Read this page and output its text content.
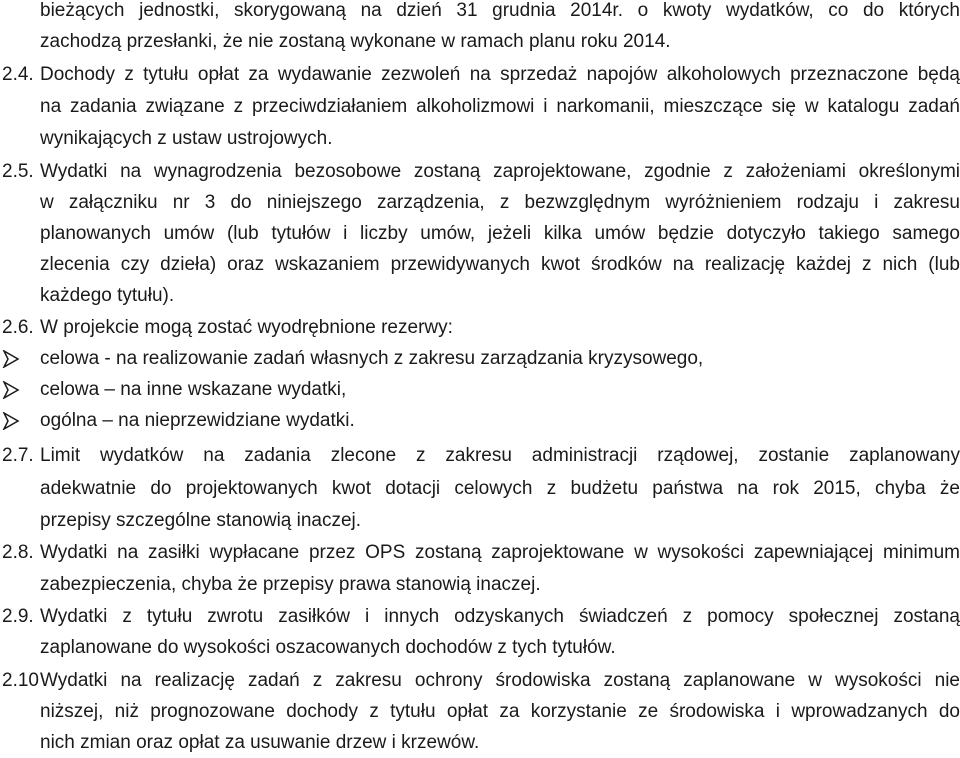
bieżących jednostki, skorygowaną na dzień 31 grudnia 2014r. o kwoty wydatków, co do których
zachodzą przesłanki, że nie zostaną wykonane w ramach planu roku 2014.
2.4. Dochody z tytułu opłat za wydawanie zezwoleń na sprzedaż napojów alkoholowych przeznaczone będą
na zadania związane z przeciwdziałaniem alkoholizmowi i narkomanii, mieszczące się w katalogu zadań
wynikających z ustaw ustrojowych.
2.5. Wydatki na wynagrodzenia bezosobowe zostaną zaprojektowane, zgodnie z założeniami określonymi
w załączniku nr 3 do niniejszego zarządzenia, z bezwzględnym wyróżnieniem rodzaju i zakresu
planowanych umów (lub tytułów i liczby umów, jeżeli kilka umów będzie dotyczyło takiego samego
zlecenia czy dzieła) oraz wskazaniem przewidywanych kwot środków na realizację każdej z nich (lub
każdego tytułu).
2.6. W projekcie mogą zostać wyodrębnione rezerwy:
celowa - na realizowanie zadań własnych z zakresu zarządzania kryzysowego,
celowa – na inne wskazane wydatki,
ogólna – na nieprzewidziane wydatki.
2.7. Limit wydatków na zadania zlecone z zakresu administracji rządowej, zostanie zaplanowany
adekwatnie do projektowanych kwot dotacji celowych z budżetu państwa na rok 2015, chyba że
przepisy szczególne stanowią inaczej.
2.8. Wydatki na zasiłki wypłacane przez OPS zostaną zaprojektowane w wysokości zapewniającej minimum
zabezpieczenia, chyba że przepisy prawa stanowią inaczej.
2.9. Wydatki z tytułu zwrotu zasiłków i innych odzyskanych świadczeń z pomocy społecznej zostaną
zaplanowane do wysokości oszacowanych dochodów z tych tytułów.
2.10 Wydatki na realizację zadań z zakresu ochrony środowiska zostaną zaplanowane w wysokości nie
niższej, niż prognozowane dochody z tytułu opłat za korzystanie ze środowiska i wprowadzanych do
nich zmian oraz opłat za usuwanie drzew i krzewów.
